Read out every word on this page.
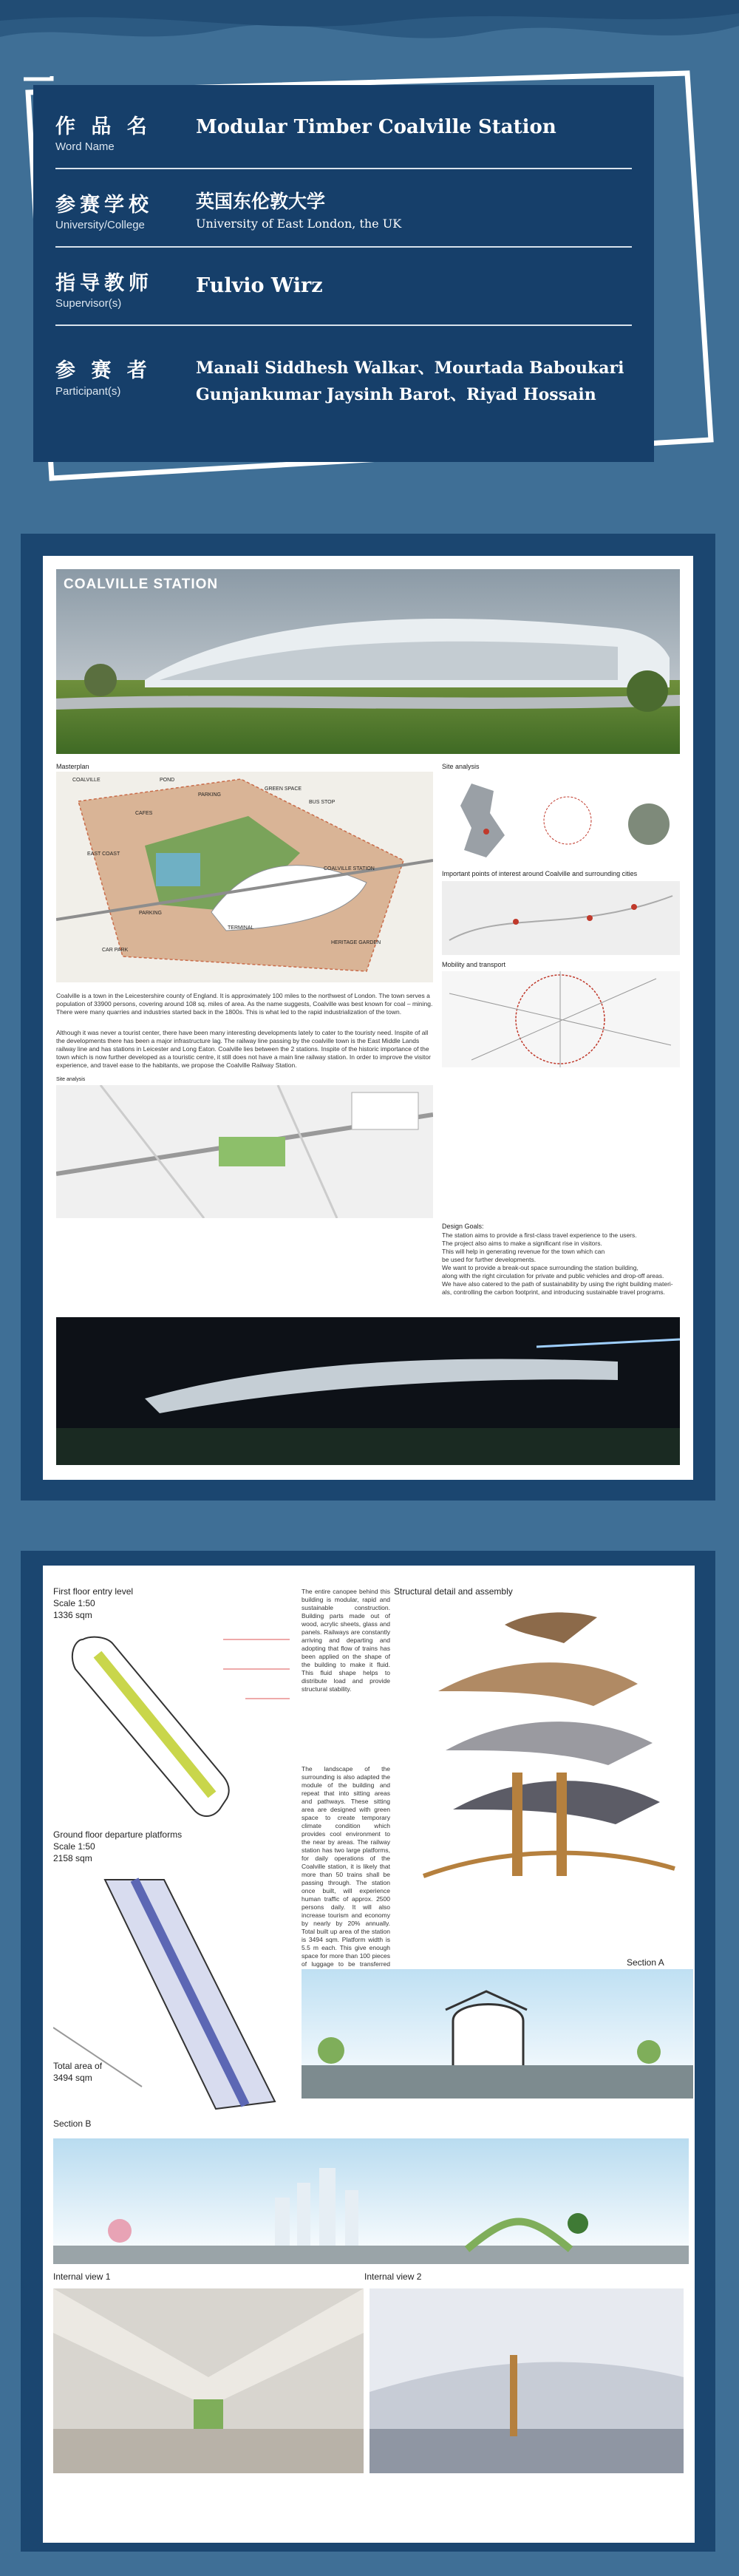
作 品 名
Word Name
Modular Timber Coalville Station
参赛学校
University/College
英国东伦敦大学
University of East London, the UK
指导教师
Supervisor(s)
Fulvio Wirz
参 赛 者
Participant(s)
Manali Siddhesh Walkar、Mourtada Baboukari
Gunjankumar Jaysinh Barot、Riyad Hossain
COALVILLE STATION
Masterplan
COALVILLE	POND
PARKING
GREEN SPACE
CAFES
BUS STOP
EAST COAST
COALVILLE STATION
HERITAGE GARDEN
TERMINAL
PARKING
CAR PARK
Site analysis
Important points of interest around Coalville and surrounding cities
Mobility and transport

Coalville is a town in the Leicestershire county of England. It is approximately 100 miles to the northwest of London. The town serves a population of 33900 persons, covering around 108 sq. miles of area. As the name suggests, Coalville was best known for coal – mining. There were many quarries and industries started back in the 1800s. This is what led to the rapid industrialization of the town.

Although it was never a tourist center, there have been many interesting developments lately to cater to the touristy need. Inspite of all the developments there has been a major infrastructure lag. The railway line passing by the coalville town is the East Middle Lands railway line and has stations in Leicester and Long Eaton. Coalville lies between the 2 stations. Inspite of the historic importance of the town which is now further developed as a touristic centre, it still does not have a main line railway station. In order to improve the visitor experience, and travel ease to the habitants, we propose the Coalville Railway Station.

Site analysis
Design Goals:

The station aims to provide a first-class travel experience to the users.

The project also aims to make a significant rise in visitors.

This will help in generating revenue for the town which can

be used for further developments.

We want to provide a break-out space surrounding the station building,

along with the right circulation for private and public vehicles and drop-off areas.

We have also catered to the path of sustainability by using the right building materi-

als, controlling the carbon footprint, and introducing sustainable travel programs.

First floor entry level
Scale 1:50
1336 sqm
Ground floor departure platforms
Scale 1:50
2158 sqm
Total area of
3494 sqm

The entire canopee behind this building is modular, rapid and sustainable construction. Building parts made out of wood, acrylic sheets, glass and panels. Railways are constantly arriving and departing and adopting that flow of trains has been applied on the shape of the building to make it fluid. This fluid shape helps to distribute load and provide structural stability.

The landscape of the surrounding is also adapted the module of the building and repeat that into sitting areas and pathways. These sitting area are designed with green space to create temporary climate condition which provides cool environment to the near by areas. The railway station has two large platforms, for daily operations of the Coalville station, it is likely that more than 50 trains shall be passing through. The station once built, will experience human traffic of approx. 2500 persons daily. It will also increase tourism and economy by nearly by 20% annually. Total built up area of the station is 3494 sqm. Platform width is 5.5 m each. This give enough space for more than 100 pieces of luggage to be transferred

Structural detail and assembly
Section A
Section B
Internal view 1	Internal view 2
